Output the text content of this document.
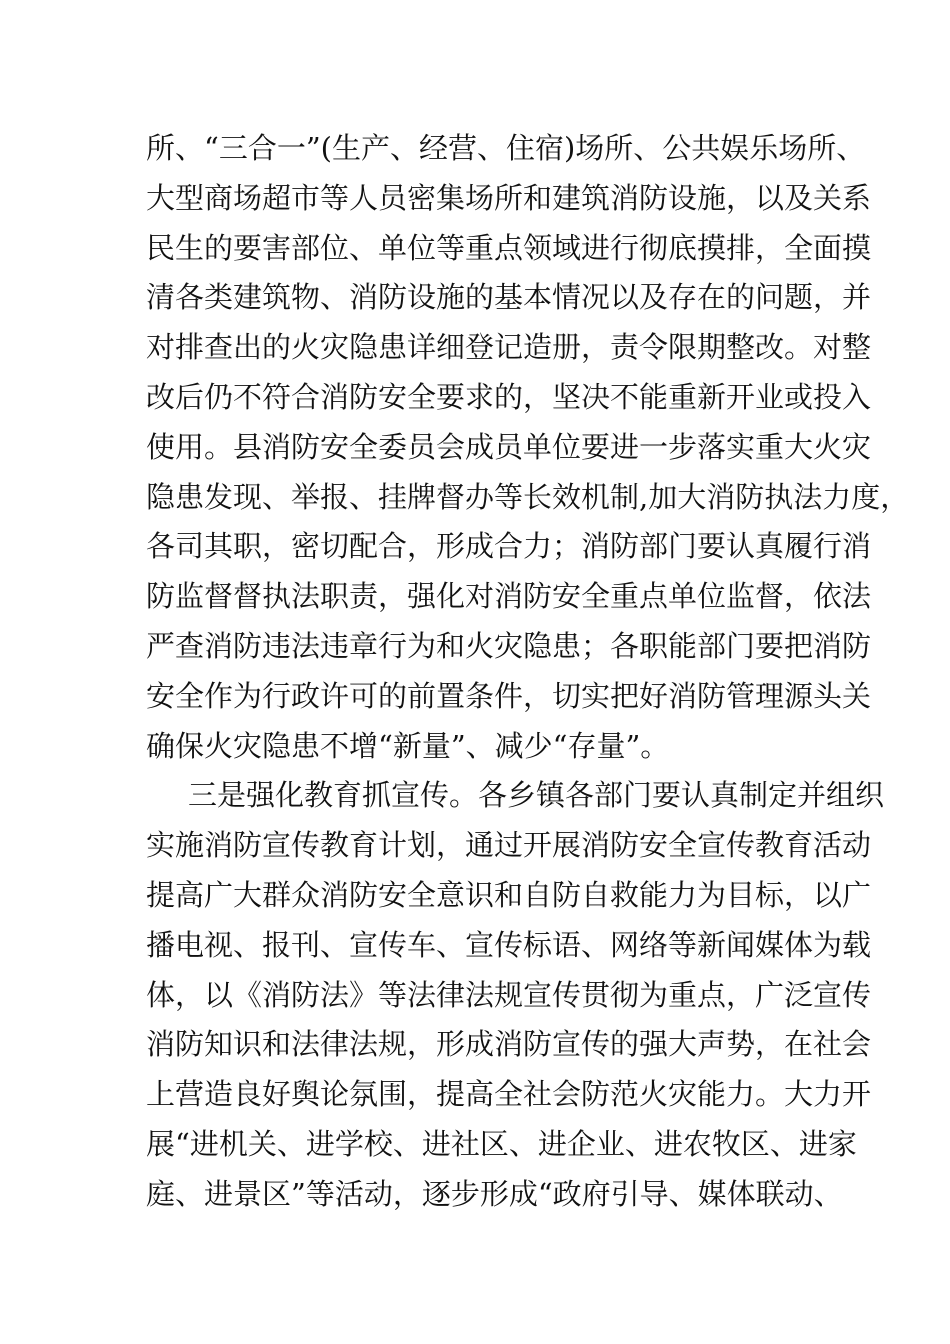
所、“三合一”(生产、经营、住宿)场所、公共娱乐场所、
大型商场超市等人员密集场所和建筑消防设施，以及关系
民生的要害部位、单位等重点领域进行彻底摸排，全面摸
清各类建筑物、消防设施的基本情况以及存在的问题，并
对排查出的火灾隐患详细登记造册，责令限期整改。对整
改后仍不符合消防安全要求的，坚决不能重新开业或投入
使用。县消防安全委员会成员单位要进一步落实重大火灾
隐患发现、举报、挂牌督办等长效机制,加大消防执法力度，
各司其职，密切配合，形成合力；消防部门要认真履行消
防监督督执法职责，强化对消防安全重点单位监督，依法
严查消防违法违章行为和火灾隐患；各职能部门要把消防
安全作为行政许可的前置条件，切实把好消防管理源头关
确保火灾隐患不增“新量”、减少“存量”。
三是强化教育抓宣传。各乡镇各部门要认真制定并组织
实施消防宣传教育计划，通过开展消防安全宣传教育活动
提高广大群众消防安全意识和自防自救能力为目标，以广
播电视、报刊、宣传车、宣传标语、网络等新闻媒体为载
体，以《消防法》等法律法规宣传贯彻为重点，广泛宣传
消防知识和法律法规，形成消防宣传的强大声势，在社会
上营造良好舆论氛围，提高全社会防范火灾能力。大力开
展“进机关、进学校、进社区、进企业、进农牧区、进家
庭、进景区”等活动，逐步形成“政府引导、媒体联动、
